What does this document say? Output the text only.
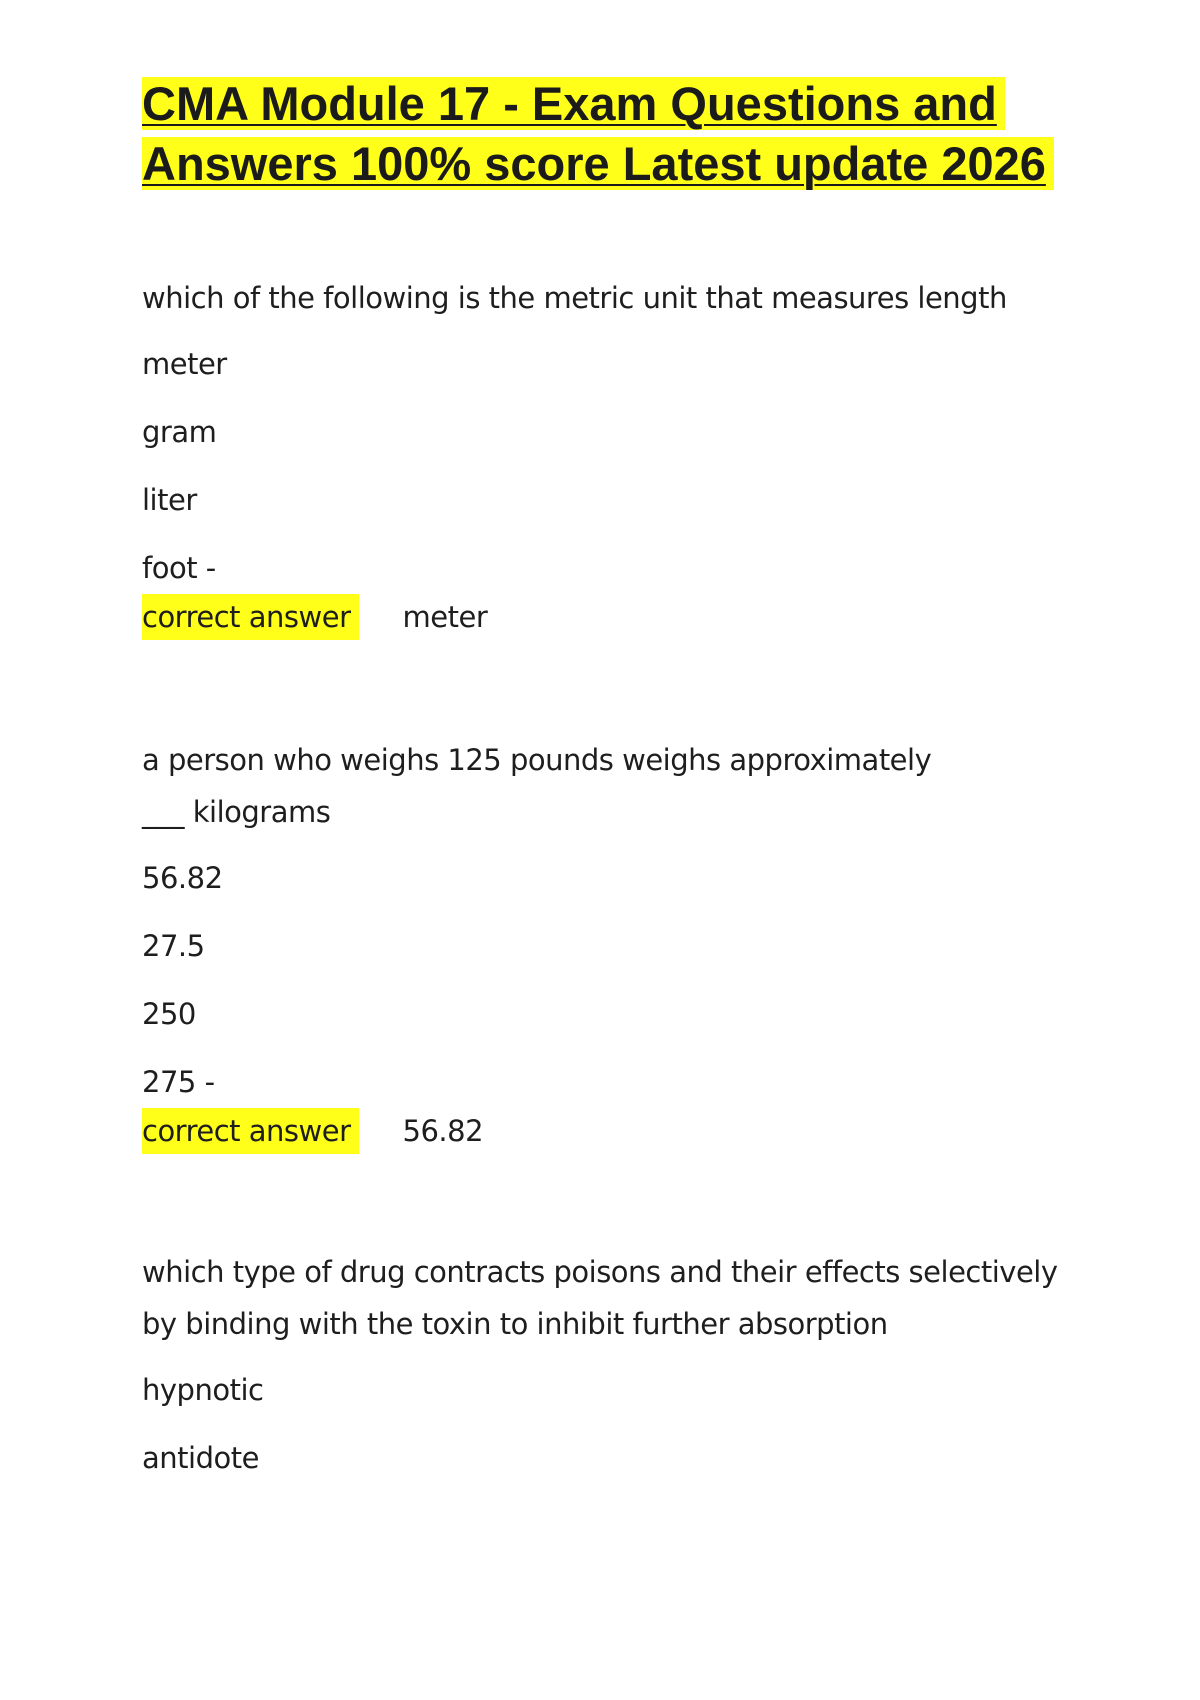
CMA Module 17 - Exam Questions and Answers 100% score Latest update 2026
which of the following is the metric unit that measures length
meter
gram
liter
foot -
correct answer meter
a person who weighs 125 pounds weighs approximately ___ kilograms
56.82
27.5
250
275 -
correct answer 56.82
which type of drug contracts poisons and their effects selectively by binding with the toxin to inhibit further absorption
hypnotic
antidote
